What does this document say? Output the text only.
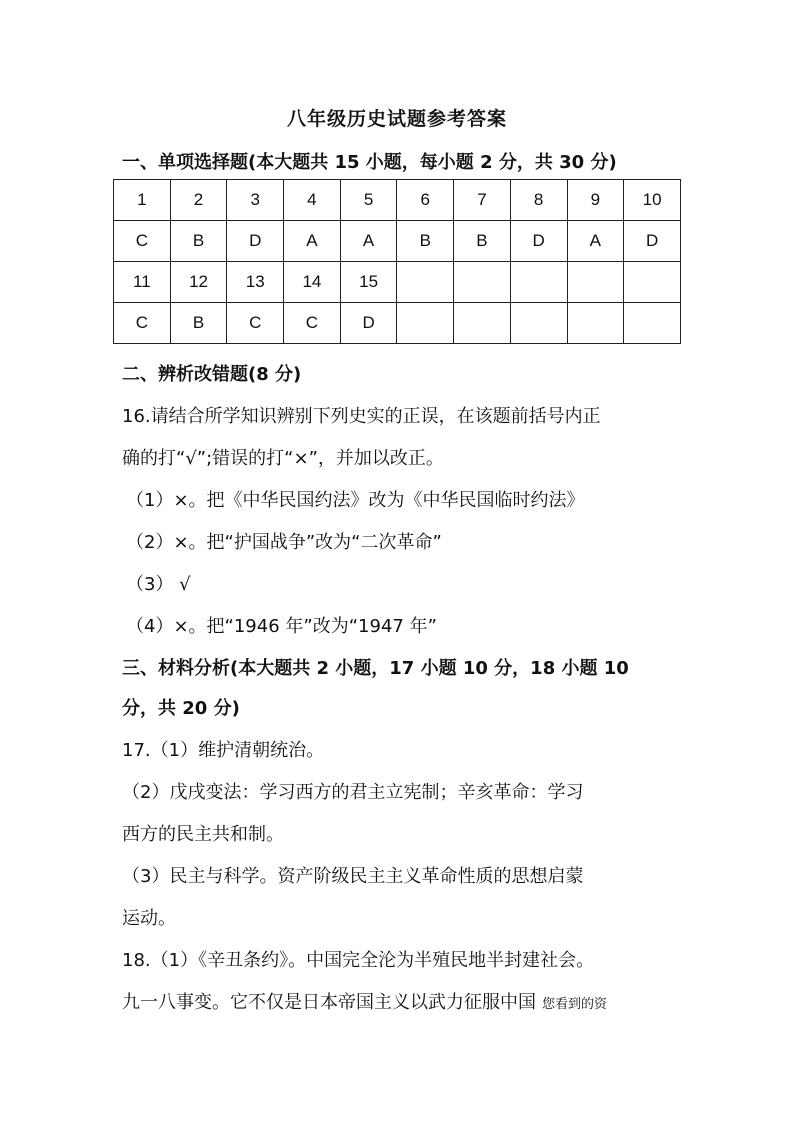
八年级历史试题参考答案
一、单项选择题(本大题共 15 小题，每小题 2 分，共 30 分)
1	2	3	4	5	6	7	8	9	10
C	B	D	A	A	B	B	D	A	D
11	12	13	14	15					
C	B	C	C	D					
二、辨析改错题(8 分)
16.请结合所学知识辨别下列史实的正误，在该题前括号内正
确的打“√”;错误的打“×”，并加以改正。
（1）×。把《中华民国约法》改为《中华民国临时约法》
（2）×。把“护国战争”改为“二次革命”
（3） √
（4）×。把“1946 年”改为“1947 年”
三、材料分析(本大题共 2 小题，17 小题 10 分，18 小题 10
分，共 20 分)
17.（1）维护清朝统治。
（2）戊戌变法：学习西方的君主立宪制；辛亥革命：学习
西方的民主共和制。
（3）民主与科学。资产阶级民主主义革命性质的思想启蒙
运动。
18.（1）《辛丑条约》。中国完全沦为半殖民地半封建社会。
九一八事变。它不仅是日本帝国主义以武力征服中国 您看到的资
